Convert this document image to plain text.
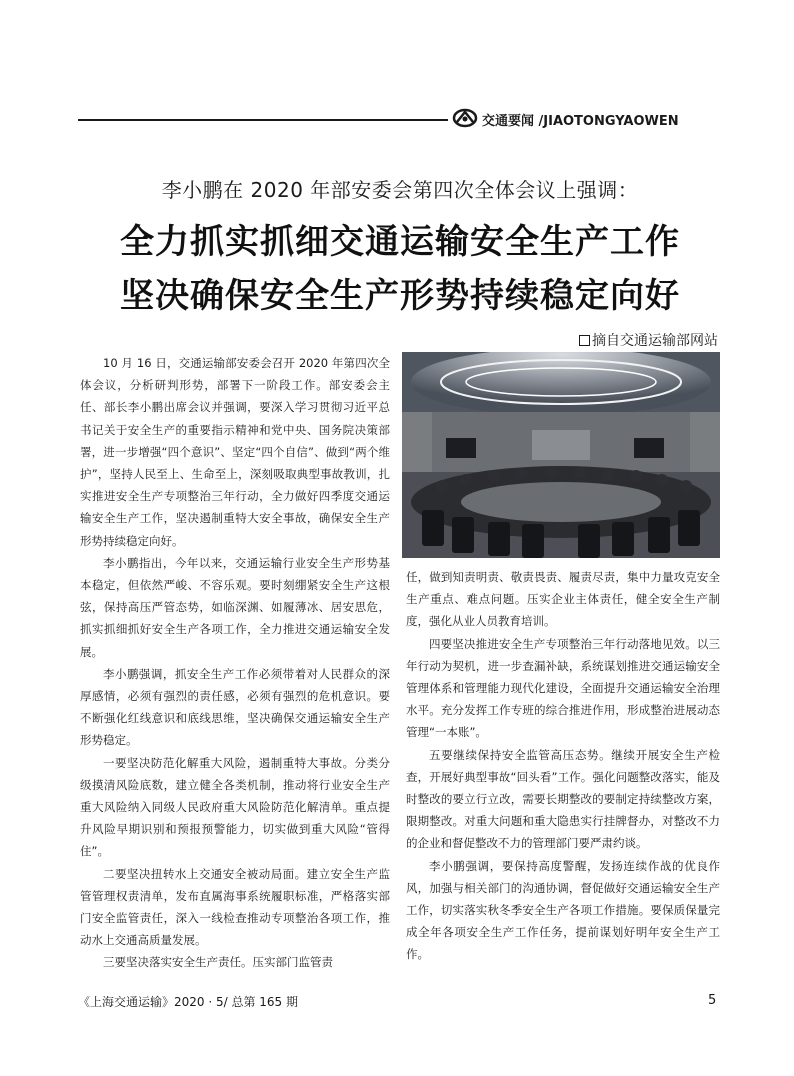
交通要闻 /JIAOTONGYAOWEN
李小鹏在 2020 年部安委会第四次全体会议上强调：
全力抓实抓细交通运输安全生产工作
坚决确保安全生产形势持续稳定向好
摘自交通运输部网站

10 月 16 日，交通运输部安委会召开 2020 年第四次全体会议，分析研判形势，部署下一阶段工作。部安委会主任、部长李小鹏出席会议并强调，要深入学习贯彻习近平总书记关于安全生产的重要指示精神和党中央、国务院决策部署，进一步增强“四个意识”、坚定“四个自信”、做到“两个维护”，坚持人民至上、生命至上，深刻吸取典型事故教训，扎实推进安全生产专项整治三年行动，全力做好四季度交通运输安全生产工作，坚决遏制重特大安全事故，确保安全生产形势持续稳定向好。

李小鹏指出，今年以来，交通运输行业安全生产形势基本稳定，但依然严峻、不容乐观。要时刻绷紧安全生产这根弦，保持高压严管态势，如临深渊、如履薄冰、居安思危，抓实抓细抓好安全生产各项工作，全力推进交通运输安全发展。

李小鹏强调，抓安全生产工作必须带着对人民群众的深厚感情，必须有强烈的责任感，必须有强烈的危机意识。要不断强化红线意识和底线思维，坚决确保交通运输安全生产形势稳定。

一要坚决防范化解重大风险，遏制重特大事故。分类分级摸清风险底数，建立健全各类机制，推动将行业安全生产重大风险纳入同级人民政府重大风险防范化解清单。重点提升风险早期识别和预报预警能力，切实做到重大风险“管得住”。

二要坚决扭转水上交通安全被动局面。建立安全生产监管管理权责清单，发布直属海事系统履职标准，严格落实部门安全监管责任，深入一线检查推动专项整治各项工作，推动水上交通高质量发展。

三要坚决落实安全生产责任。压实部门监管责

任，做到知责明责、敬责畏责、履责尽责，集中力量攻克安全生产重点、难点问题。压实企业主体责任，健全安全生产制度，强化从业人员教育培训。

四要坚决推进安全生产专项整治三年行动落地见效。以三年行动为契机，进一步查漏补缺，系统谋划推进交通运输安全管理体系和管理能力现代化建设，全面提升交通运输安全治理水平。充分发挥工作专班的综合推进作用，形成整治进展动态管理“一本账”。

五要继续保持安全监管高压态势。继续开展安全生产检查，开展好典型事故“回头看”工作。强化问题整改落实，能及时整改的要立行立改，需要长期整改的要制定持续整改方案，限期整改。对重大问题和重大隐患实行挂牌督办，对整改不力的企业和督促整改不力的管理部门要严肃约谈。

李小鹏强调，要保持高度警醒，发扬连续作战的优良作风，加强与相关部门的沟通协调，督促做好交通运输安全生产工作，切实落实秋冬季安全生产各项工作措施。要保质保量完成全年各项安全生产工作任务，提前谋划好明年安全生产工作。

《上海交通运输》2020 · 5/ 总第 165 期	5
